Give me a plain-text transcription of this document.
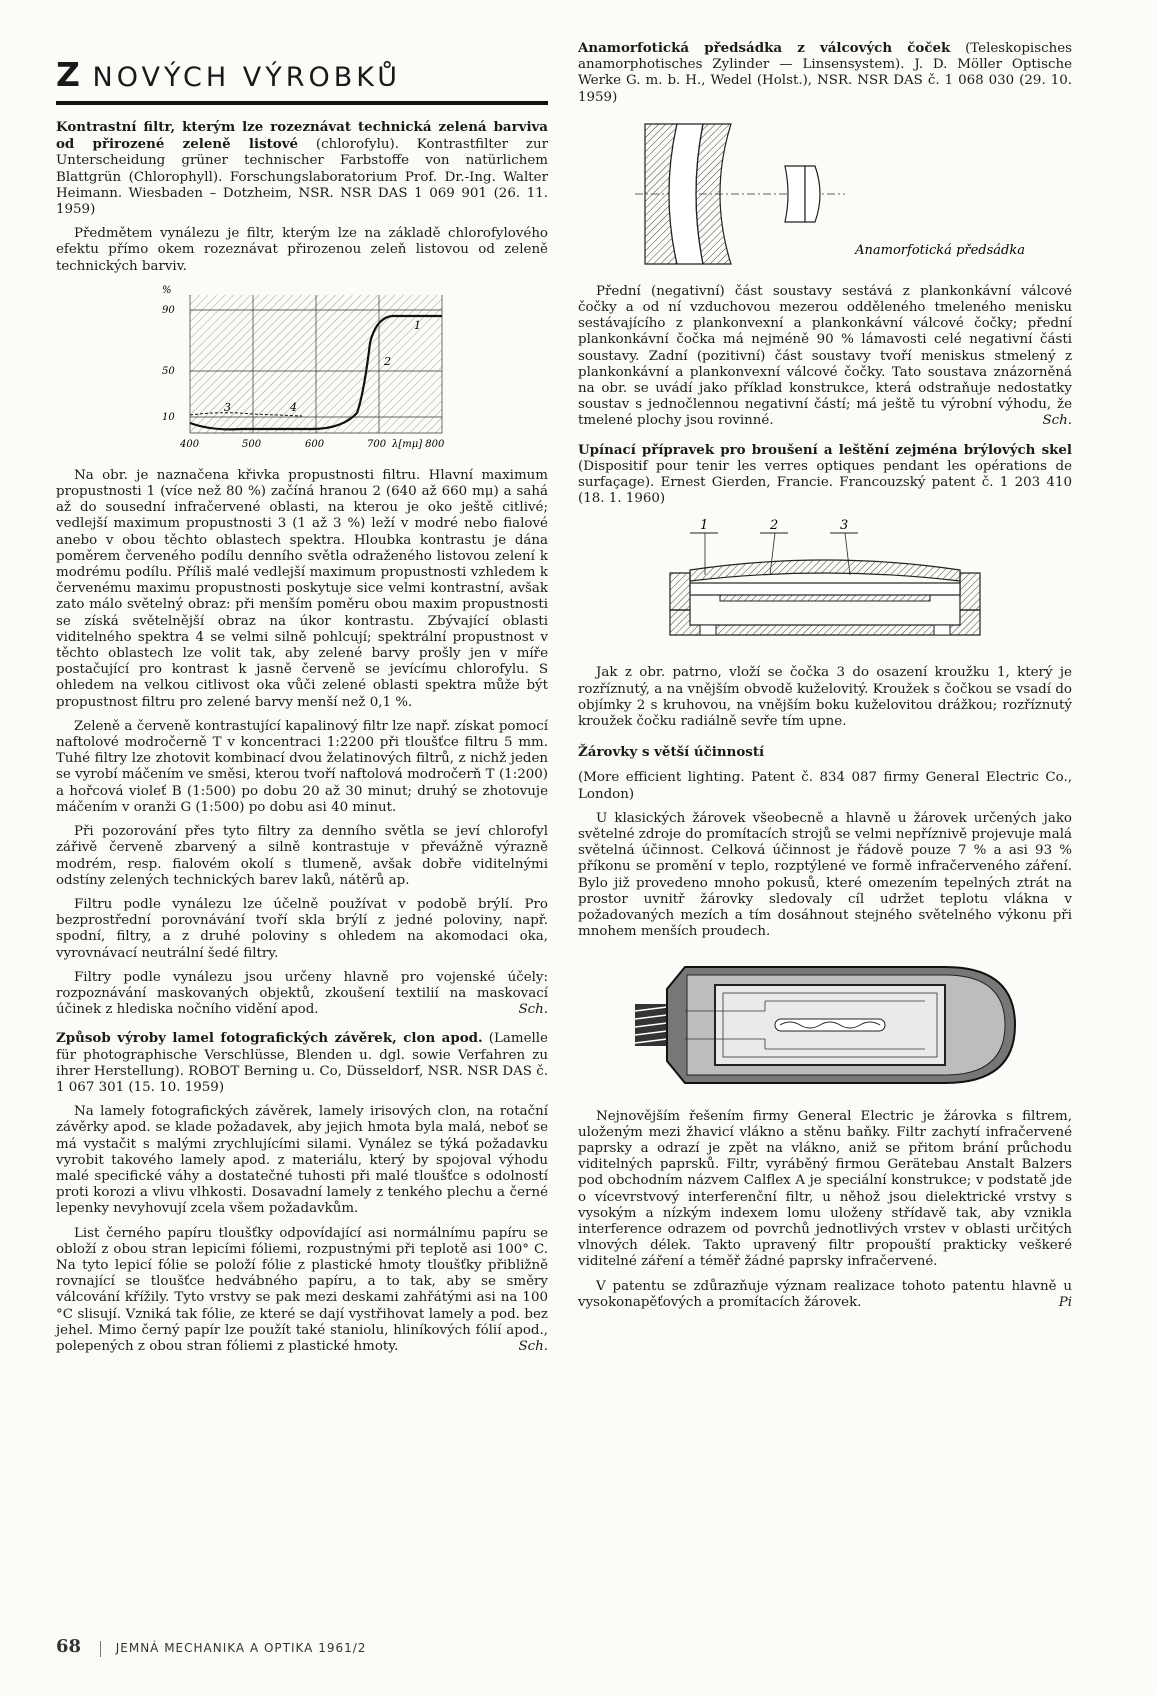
Z NOVÝCH VÝROBKŮ

Kontrastní filtr, kterým lze rozeznávat technická zelená barviva od přirozené zeleně listové (chlorofylu). Kontrastfilter zur Unterscheidung grüner technischer Farbstoffe von natürlichem Blattgrün (Chlorophyll). Forschungslaboratorium Prof. Dr.-Ing. Walter Heimann. Wiesbaden – Dotzheim, NSR. NSR DAS 1 069 901 (26. 11. 1959)

Předmětem vynálezu je filtr, kterým lze na základě chlorofylového efektu přímo okem rozeznávat přirozenou zeleň listovou od zeleně technických barviv.

%
90
50
10
400	500	600	700 λ[mμ] 800
1
2
3	4

Na obr. je naznačena křivka propustnosti filtru. Hlavní maximum propustnosti 1 (více než 80 %) začíná hranou 2 (640 až 660 mμ) a sahá až do sousední infračervené oblasti, na kterou je oko ještě citlivé; vedlejší maximum propustnosti 3 (1 až 3 %) leží v modré nebo fialové anebo v obou těchto oblastech spektra. Hloubka kontrastu je dána poměrem červeného podílu denního světla odraženého listovou zelení k modrému podílu. Příliš malé vedlejší maximum propustnosti vzhledem k červenému maximu propustnosti poskytuje sice velmi kontrastní, avšak zato málo světelný obraz: při menším poměru obou maxim propustnosti se získá světelnější obraz na úkor kontrastu. Zbývající oblasti viditelného spektra 4 se velmi silně pohlcují; spektrální propustnost v těchto oblastech lze volit tak, aby zelené barvy prošly jen v míře postačující pro kontrast k jasně červeně se jevícímu chlorofylu. S ohledem na velkou citlivost oka vůči zelené oblasti spektra může být propustnost filtru pro zelené barvy menší než 0,1 %.

Zeleně a červeně kontrastující kapalinový filtr lze např. získat pomocí naftolové modročerně T v koncentraci 1:2200 při tloušťce filtru 5 mm. Tuhé filtry lze zhotovit kombinací dvou želatinových filtrů, z nichž jeden se vyrobí máčením ve směsi, kterou tvoří naftolová modročerň T (1:200) a hořcová violeť B (1:500) po dobu 20 až 30 minut; druhý se zhotovuje máčením v oranži G (1:500) po dobu asi 40 minut.

Při pozorování přes tyto filtry za denního světla se jeví chlorofyl zářivě červeně zbarvený a silně kontrastuje v převážně výrazně modrém, resp. fialovém okolí s tlumeně, avšak dobře viditelnými odstíny zelených technických barev laků, nátěrů ap.

Filtru podle vynálezu lze účelně používat v podobě brýlí. Pro bezprostřední porovnávání tvoří skla brýlí z jedné poloviny, např. spodní, filtry, a z druhé poloviny s ohledem na akomodaci oka, vyrovnávací neutrální šedé filtry.

Filtry podle vynálezu jsou určeny hlavně pro vojenské účely: rozpoznávání maskovaných objektů, zkoušení textilií na maskovací účinek z hlediska nočního vidění apod.	Sch.

Způsob výroby lamel fotografických závěrek, clon apod. (Lamelle für photographische Verschlüsse, Blenden u. dgl. sowie Verfahren zu ihrer Herstellung). ROBOT Berning u. Co, Düsseldorf, NSR. NSR DAS č. 1 067 301 (15. 10. 1959)

Na lamely fotografických závěrek, lamely irisových clon, na rotační závěrky apod. se klade požadavek, aby jejich hmota byla malá, neboť se má vystačit s malými zrychlujícími silami. Vynález se týká požadavku vyrobit takového lamely apod. z materiálu, který by spojoval výhodu malé specifické váhy a dostatečné tuhosti při malé tloušťce s odolností proti korozi a vlivu vlhkosti. Dosavadní lamely z tenkého plechu a černé lepenky nevyhovují zcela všem požadavkům.

List černého papíru tloušťky odpovídající asi normálnímu papíru se obloží z obou stran lepicími fóliemi, rozpustnými při teplotě asi 100° C. Na tyto lepicí fólie se položí fólie z plastické hmoty tloušťky přibližně rovnající se tloušťce hedvábného papíru, a to tak, aby se směry válcování křížily. Tyto vrstvy se pak mezi deskami zahřátými asi na 100 °C slisují. Vzniká tak fólie, ze které se dají vystřihovat lamely a pod. bez jehel. Mimo černý papír lze použít také staniolu, hliníkových fólií apod., polepených z obou stran fóliemi z plastické hmoty.	Sch.

Anamorfotická předsádka z válcových čoček (Teleskopisches anamorphotisches Zylinder — Linsensystem). J. D. Möller Optische Werke G. m. b. H., Wedel (Holst.), NSR. NSR DAS č. 1 068 030 (29. 10. 1959)

Anamorfotická předsádka

Přední (negativní) část soustavy sestává z plankonkávní válcové čočky a od ní vzduchovou mezerou odděleného tmeleného menisku sestávajícího z plankonvexní a plankonkávní válcové čočky; přední plankonkávní čočka má nejméně 90 % lámavosti celé negativní části soustavy. Zadní (pozitivní) část soustavy tvoří meniskus stmelený z plankonkávní a plankonvexní válcové čočky. Tato soustava znázorněná na obr. se uvádí jako příklad konstrukce, která odstraňuje nedostatky soustav s jednočlennou negativní částí; má ještě tu výrobní výhodu, že tmelené plochy jsou rovinné.	Sch.

Upínací přípravek pro broušení a leštění zejména brýlových skel (Dispositif pour tenir les verres optiques pendant les opérations de surfaçage). Ernest Gierden, Francie. Francouzský patent č. 1 203 410 (18. 1. 1960)

1	2	3

Jak z obr. patrno, vloží se čočka 3 do osazení kroužku 1, který je rozříznutý, a na vnějším obvodě kuželovitý. Kroužek s čočkou se vsadí do objímky 2 s kruhovou, na vnějším boku kuželovitou drážkou; rozříznutý kroužek čočku radiálně sevře tím upne.

Žárovky s větší účinností

(More efficient lighting. Patent č. 834 087 firmy General Electric Co., London)

U klasických žárovek všeobecně a hlavně u žárovek určených jako světelné zdroje do promítacích strojů se velmi nepříznivě projevuje malá světelná účinnost. Celková účinnost je řádově pouze 7 % a asi 93 % příkonu se promění v teplo, rozptýlené ve formě infračerveného záření. Bylo již provedeno mnoho pokusů, které omezením tepelných ztrát na prostor uvnitř žárovky sledovaly cíl udržet teplotu vlákna v požadovaných mezích a tím dosáhnout stejného světelného výkonu při mnohem menších proudech.

Nejnovějším řešením firmy General Electric je žárovka s filtrem, uloženým mezi žhavicí vlákno a stěnu baňky. Filtr zachytí infračervené paprsky a odrazí je zpět na vlákno, aniž se přitom brání průchodu viditelných paprsků. Filtr, vyráběný firmou Gerätebau Anstalt Balzers pod obchodním názvem Calflex A je speciální konstrukce; v podstatě jde o vícevrstvový interferenční filtr, u něhož jsou dielektrické vrstvy s vysokým a nízkým indexem lomu uloženy střídavě tak, aby vznikla interference odrazem od povrchů jednotlivých vrstev v oblasti určitých vlnových délek. Takto upravený filtr propouští prakticky veškeré viditelné záření a téměř žádné paprsky infračervené.

V patentu se zdůrazňuje význam realizace tohoto patentu hlavně u vysokonapěťových a promítacích žárovek.	Pi

68	JEMNÁ MECHANIKA A OPTIKA 1961/2
